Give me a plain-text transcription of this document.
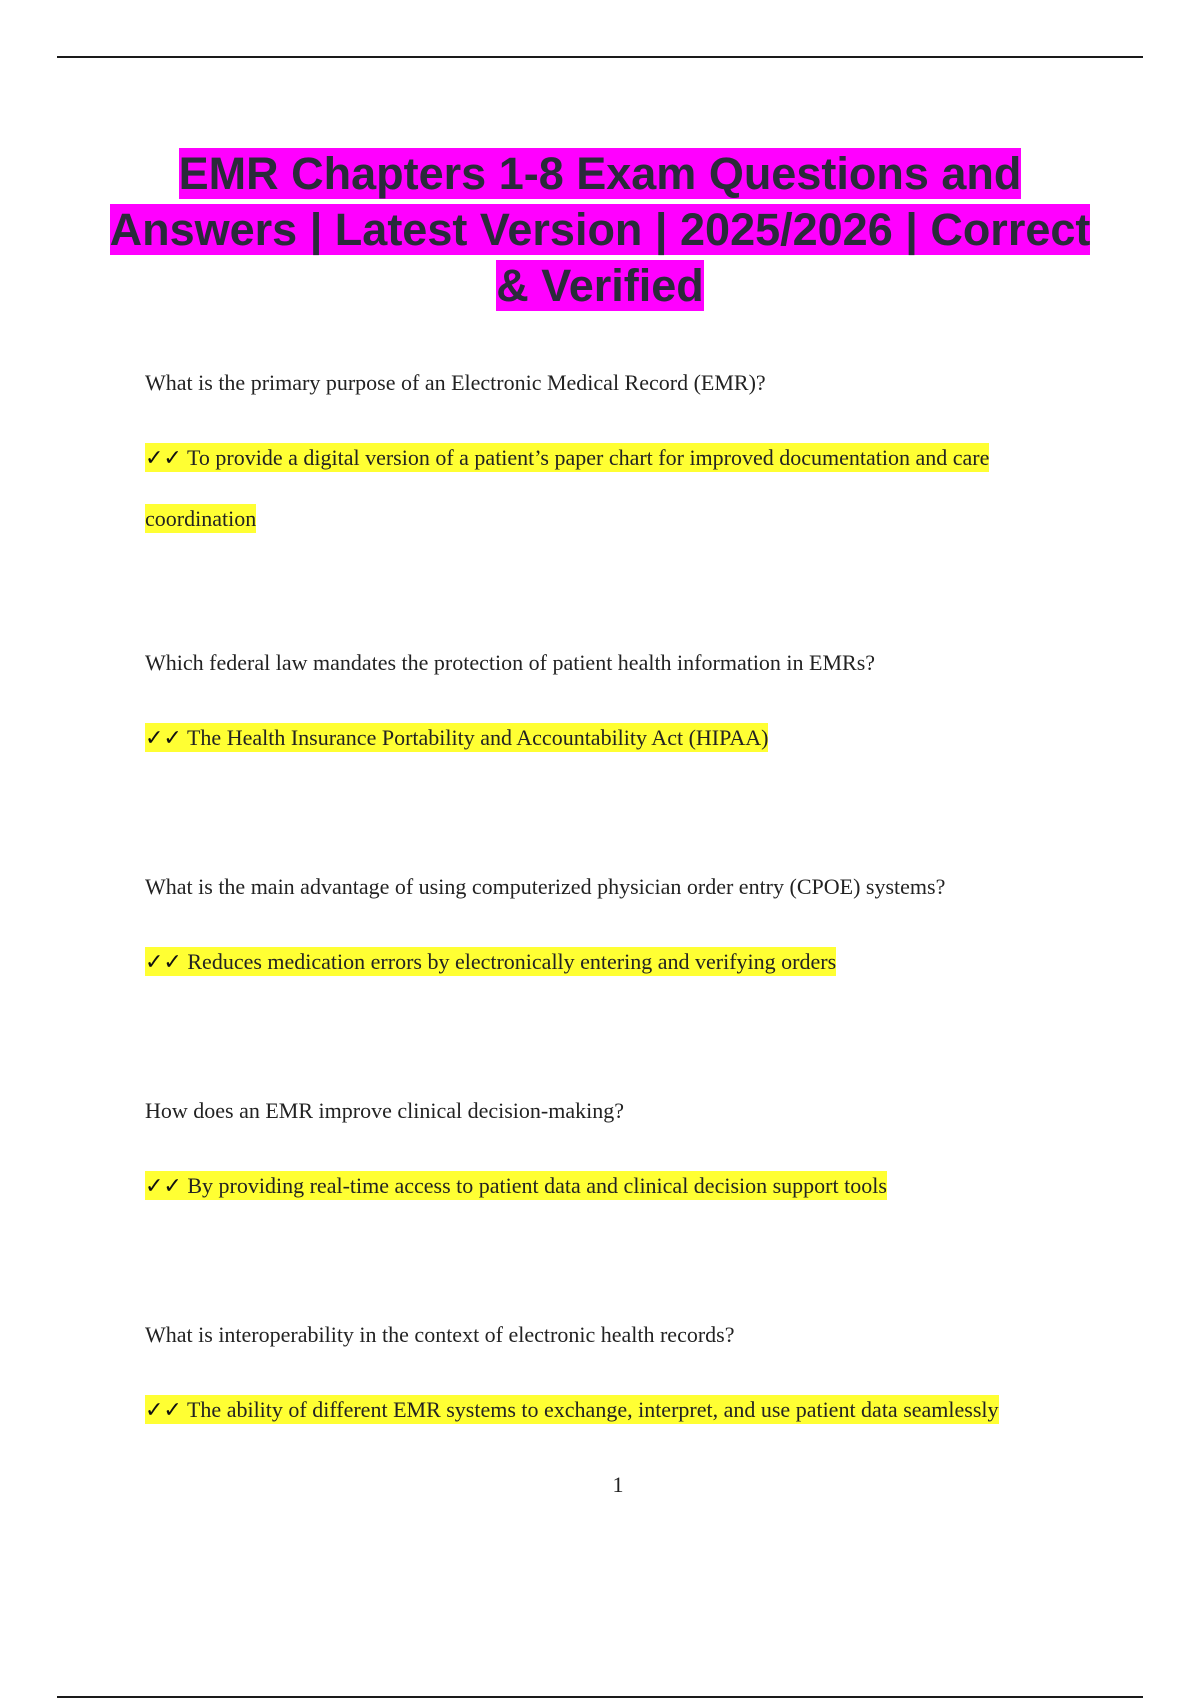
EMR Chapters 1-8 Exam Questions and Answers | Latest Version | 2025/2026 | Correct & Verified

What is the primary purpose of an Electronic Medical Record (EMR)?

✓✓ To provide a digital version of a patient’s paper chart for improved documentation and care coordination

Which federal law mandates the protection of patient health information in EMRs?

✓✓ The Health Insurance Portability and Accountability Act (HIPAA)

What is the main advantage of using computerized physician order entry (CPOE) systems?

✓✓ Reduces medication errors by electronically entering and verifying orders

How does an EMR improve clinical decision-making?

✓✓ By providing real-time access to patient data and clinical decision support tools

What is interoperability in the context of electronic health records?

✓✓ The ability of different EMR systems to exchange, interpret, and use patient data seamlessly

1
